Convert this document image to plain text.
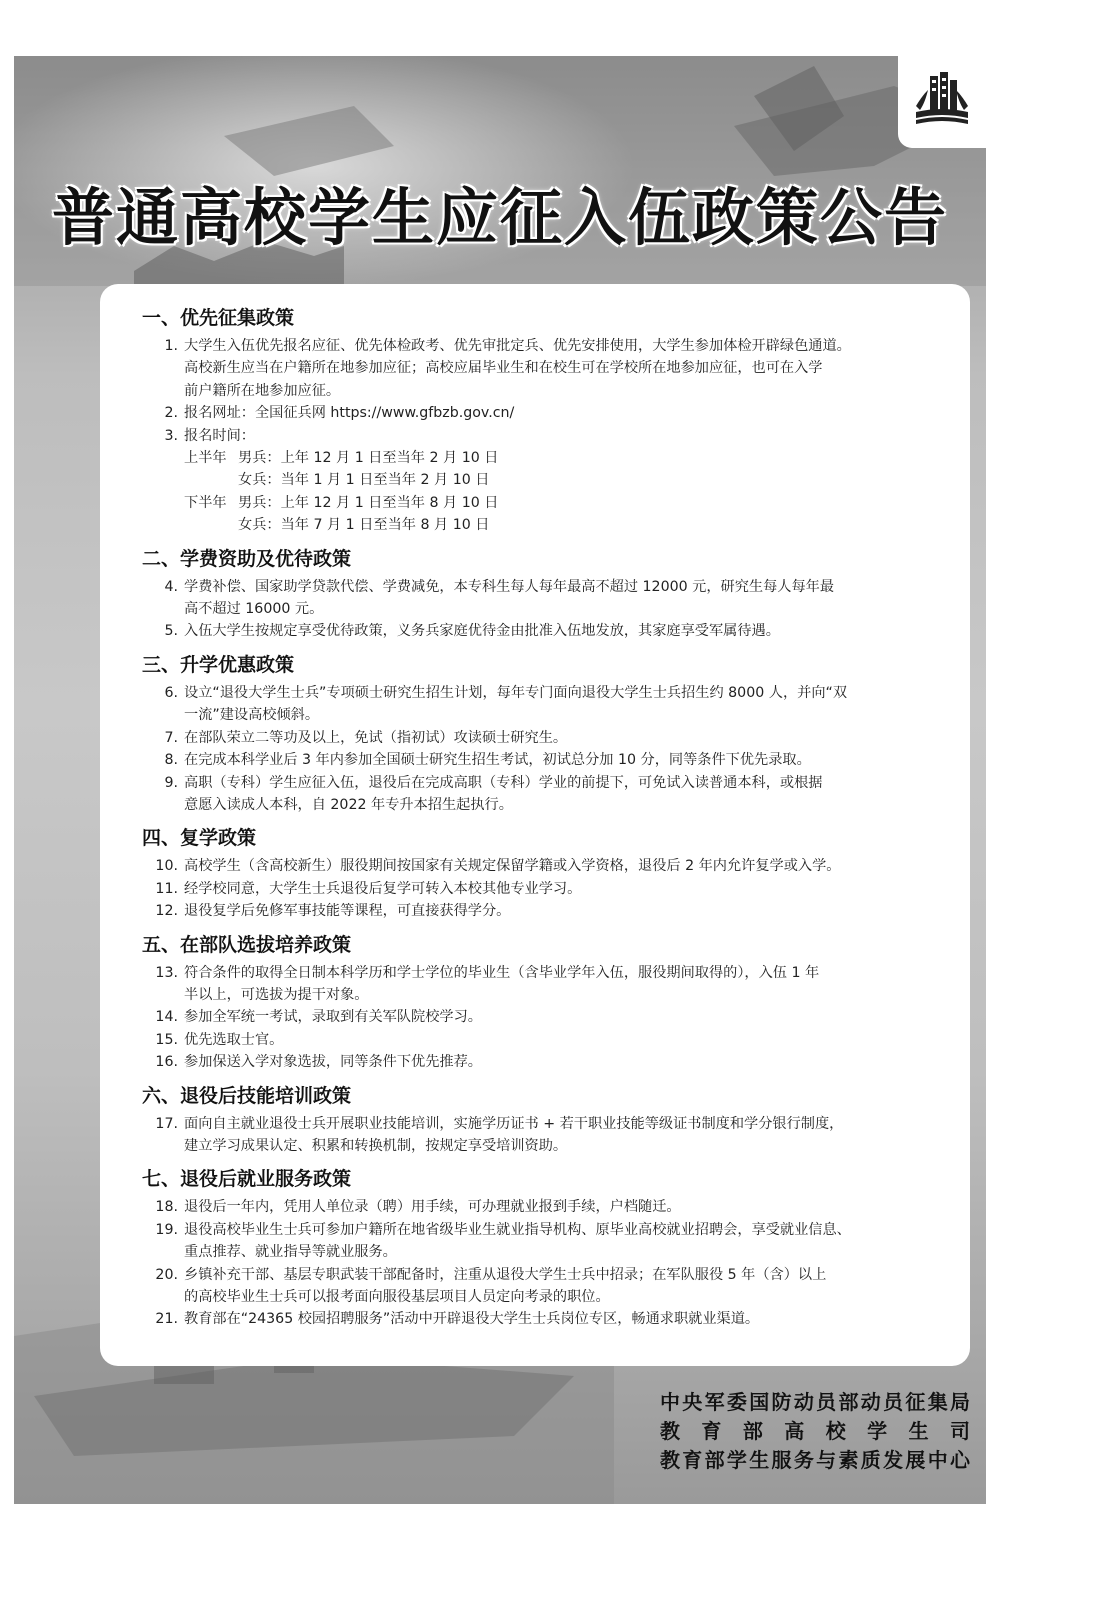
普通高校学生应征入伍政策公告
一、优先征集政策
1. 大学生入伍优先报名应征、优先体检政考、优先审批定兵、优先安排使用，大学生参加体检开辟绿色通道。
高校新生应当在户籍所在地参加应征；高校应届毕业生和在校生可在学校所在地参加应征，也可在入学
前户籍所在地参加应征。
2. 报名网址：全国征兵网 https://www.gfbzb.gov.cn/
3. 报名时间：
上半年 男兵：上年 12 月 1 日至当年 2 月 10 日
女兵：当年 1 月 1 日至当年 2 月 10 日
下半年 男兵：上年 12 月 1 日至当年 8 月 10 日
女兵：当年 7 月 1 日至当年 8 月 10 日
二、学费资助及优待政策
4. 学费补偿、国家助学贷款代偿、学费减免，本专科生每人每年最高不超过 12000 元，研究生每人每年最
高不超过 16000 元。
5. 入伍大学生按规定享受优待政策，义务兵家庭优待金由批准入伍地发放，其家庭享受军属待遇。
三、升学优惠政策
6. 设立“退役大学生士兵”专项硕士研究生招生计划，每年专门面向退役大学生士兵招生约 8000 人，并向“双
一流”建设高校倾斜。
7. 在部队荣立二等功及以上，免试（指初试）攻读硕士研究生。
8. 在完成本科学业后 3 年内参加全国硕士研究生招生考试，初试总分加 10 分，同等条件下优先录取。
9. 高职（专科）学生应征入伍，退役后在完成高职（专科）学业的前提下，可免试入读普通本科，或根据
意愿入读成人本科，自 2022 年专升本招生起执行。
四、复学政策
10. 高校学生（含高校新生）服役期间按国家有关规定保留学籍或入学资格，退役后 2 年内允许复学或入学。
11. 经学校同意，大学生士兵退役后复学可转入本校其他专业学习。
12. 退役复学后免修军事技能等课程，可直接获得学分。
五、在部队选拔培养政策
13. 符合条件的取得全日制本科学历和学士学位的毕业生（含毕业学年入伍，服役期间取得的），入伍 1 年
半以上，可选拔为提干对象。
14. 参加全军统一考试，录取到有关军队院校学习。
15. 优先选取士官。
16. 参加保送入学对象选拔，同等条件下优先推荐。
六、退役后技能培训政策
17. 面向自主就业退役士兵开展职业技能培训，实施学历证书 + 若干职业技能等级证书制度和学分银行制度，
建立学习成果认定、积累和转换机制，按规定享受培训资助。
七、退役后就业服务政策
18. 退役后一年内，凭用人单位录（聘）用手续，可办理就业报到手续，户档随迁。
19. 退役高校毕业生士兵可参加户籍所在地省级毕业生就业指导机构、原毕业高校就业招聘会，享受就业信息、
重点推荐、就业指导等就业服务。
20. 乡镇补充干部、基层专职武装干部配备时，注重从退役大学生士兵中招录；在军队服役 5 年（含）以上
的高校毕业生士兵可以报考面向服役基层项目人员定向考录的职位。
21. 教育部在“24365 校园招聘服务”活动中开辟退役大学生士兵岗位专区，畅通求职就业渠道。
中央军委国防动员部动员征集局
教育部高校学生司
教育部学生服务与素质发展中心
